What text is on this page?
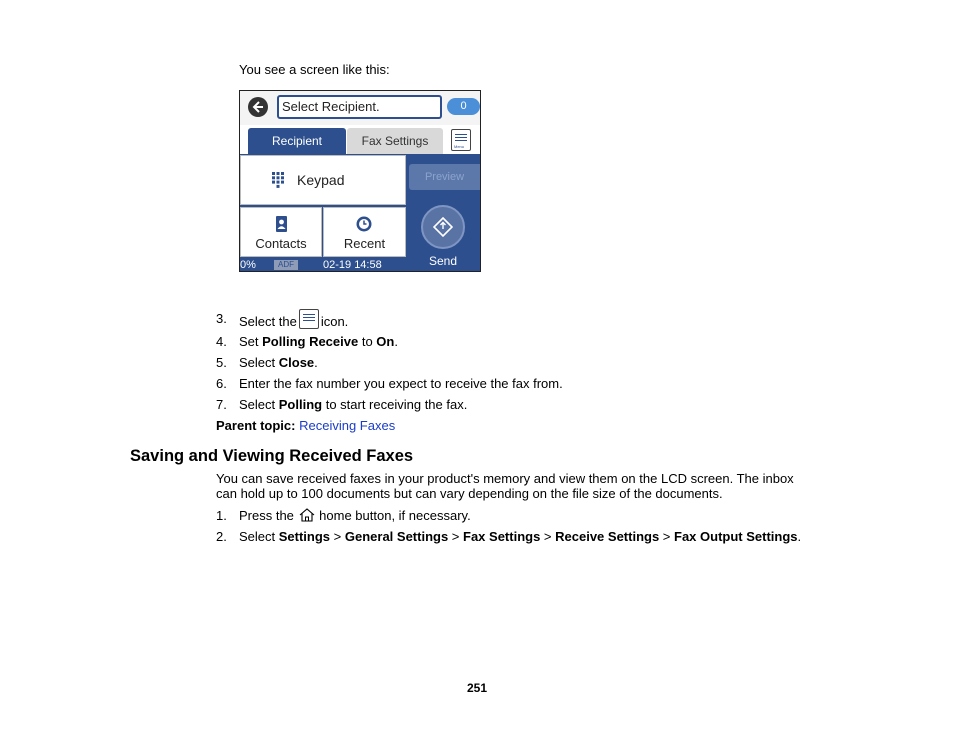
You see a screen like this:
Select Recipient.	0
Recipient	Fax Settings	Menu
Keypad
Contacts	Recent
Preview
Send
0%	ADF	02-19 14:58
3. Select the icon.
4. Set Polling Receive to On.
5. Select Close.
6. Enter the fax number you expect to receive the fax from.
7. Select Polling to start receiving the fax.
Parent topic: Receiving Faxes
Saving and Viewing Received Faxes
You can save received faxes in your product's memory and view them on the LCD screen. The inbox
can hold up to 100 documents but can vary depending on the file size of the documents.
1. Press the home button, if necessary.
2. Select Settings > General Settings > Fax Settings > Receive Settings > Fax Output Settings.
251
